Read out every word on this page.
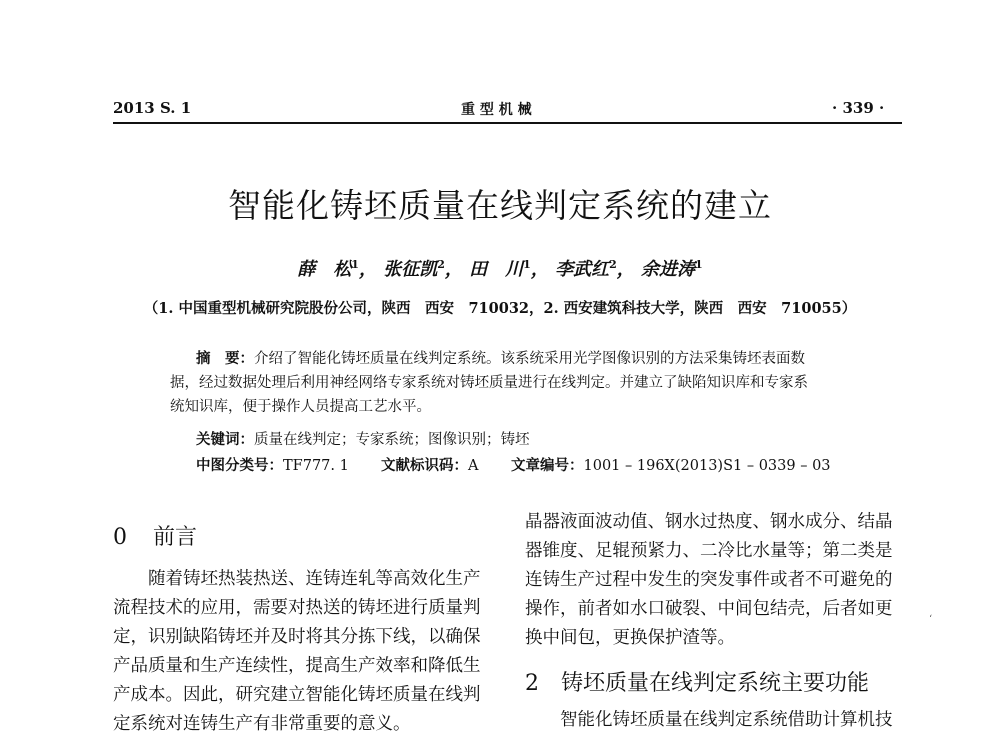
2013 S. 1	重 型 机 械	· 339 ·
智能化铸坯质量在线判定系统的建立
薛　松$^1$， 张征凯$^2$， 田　川$^1$， 李武红$^2$， 余进涛$^1$
（1. 中国重型机械研究院股份公司，陕西　西安　710032，2. 西安建筑科技大学，陕西　西安　710055）
摘　要：介绍了智能化铸坯质量在线判定系统。该系统采用光学图像识别的方法采集铸坯表面数
据，经过数据处理后利用神经网络专家系统对铸坯质量进行在线判定。并建立了缺陷知识库和专家系
统知识库，便于操作人员提高工艺水平。
关键词：质量在线判定；专家系统；图像识别；铸坯
中图分类号：TF777. 1 文献标识码：A 文章编号：1001 – 196X(2013)S1 – 0339 – 03
0 前言

随着铸坯热装热送、连铸连轧等高效化生产

流程技术的应用，需要对热送的铸坯进行质量判

定，识别缺陷铸坯并及时将其分拣下线，以确保

产品质量和生产连续性，提高生产效率和降低生

产成本。因此，研究建立智能化铸坯质量在线判

定系统对连铸生产有非常重要的意义。

晶器液面波动值、钢水过热度、钢水成分、结晶

器锥度、足辊预紧力、二冷比水量等；第二类是

连铸生产过程中发生的突发事件或者不可避免的

操作，前者如水口破裂、中间包结壳，后者如更

换中间包，更换保护渣等。

2 铸坯质量在线判定系统主要功能
智能化铸坯质量在线判定系统借助计算机技
ʻ
